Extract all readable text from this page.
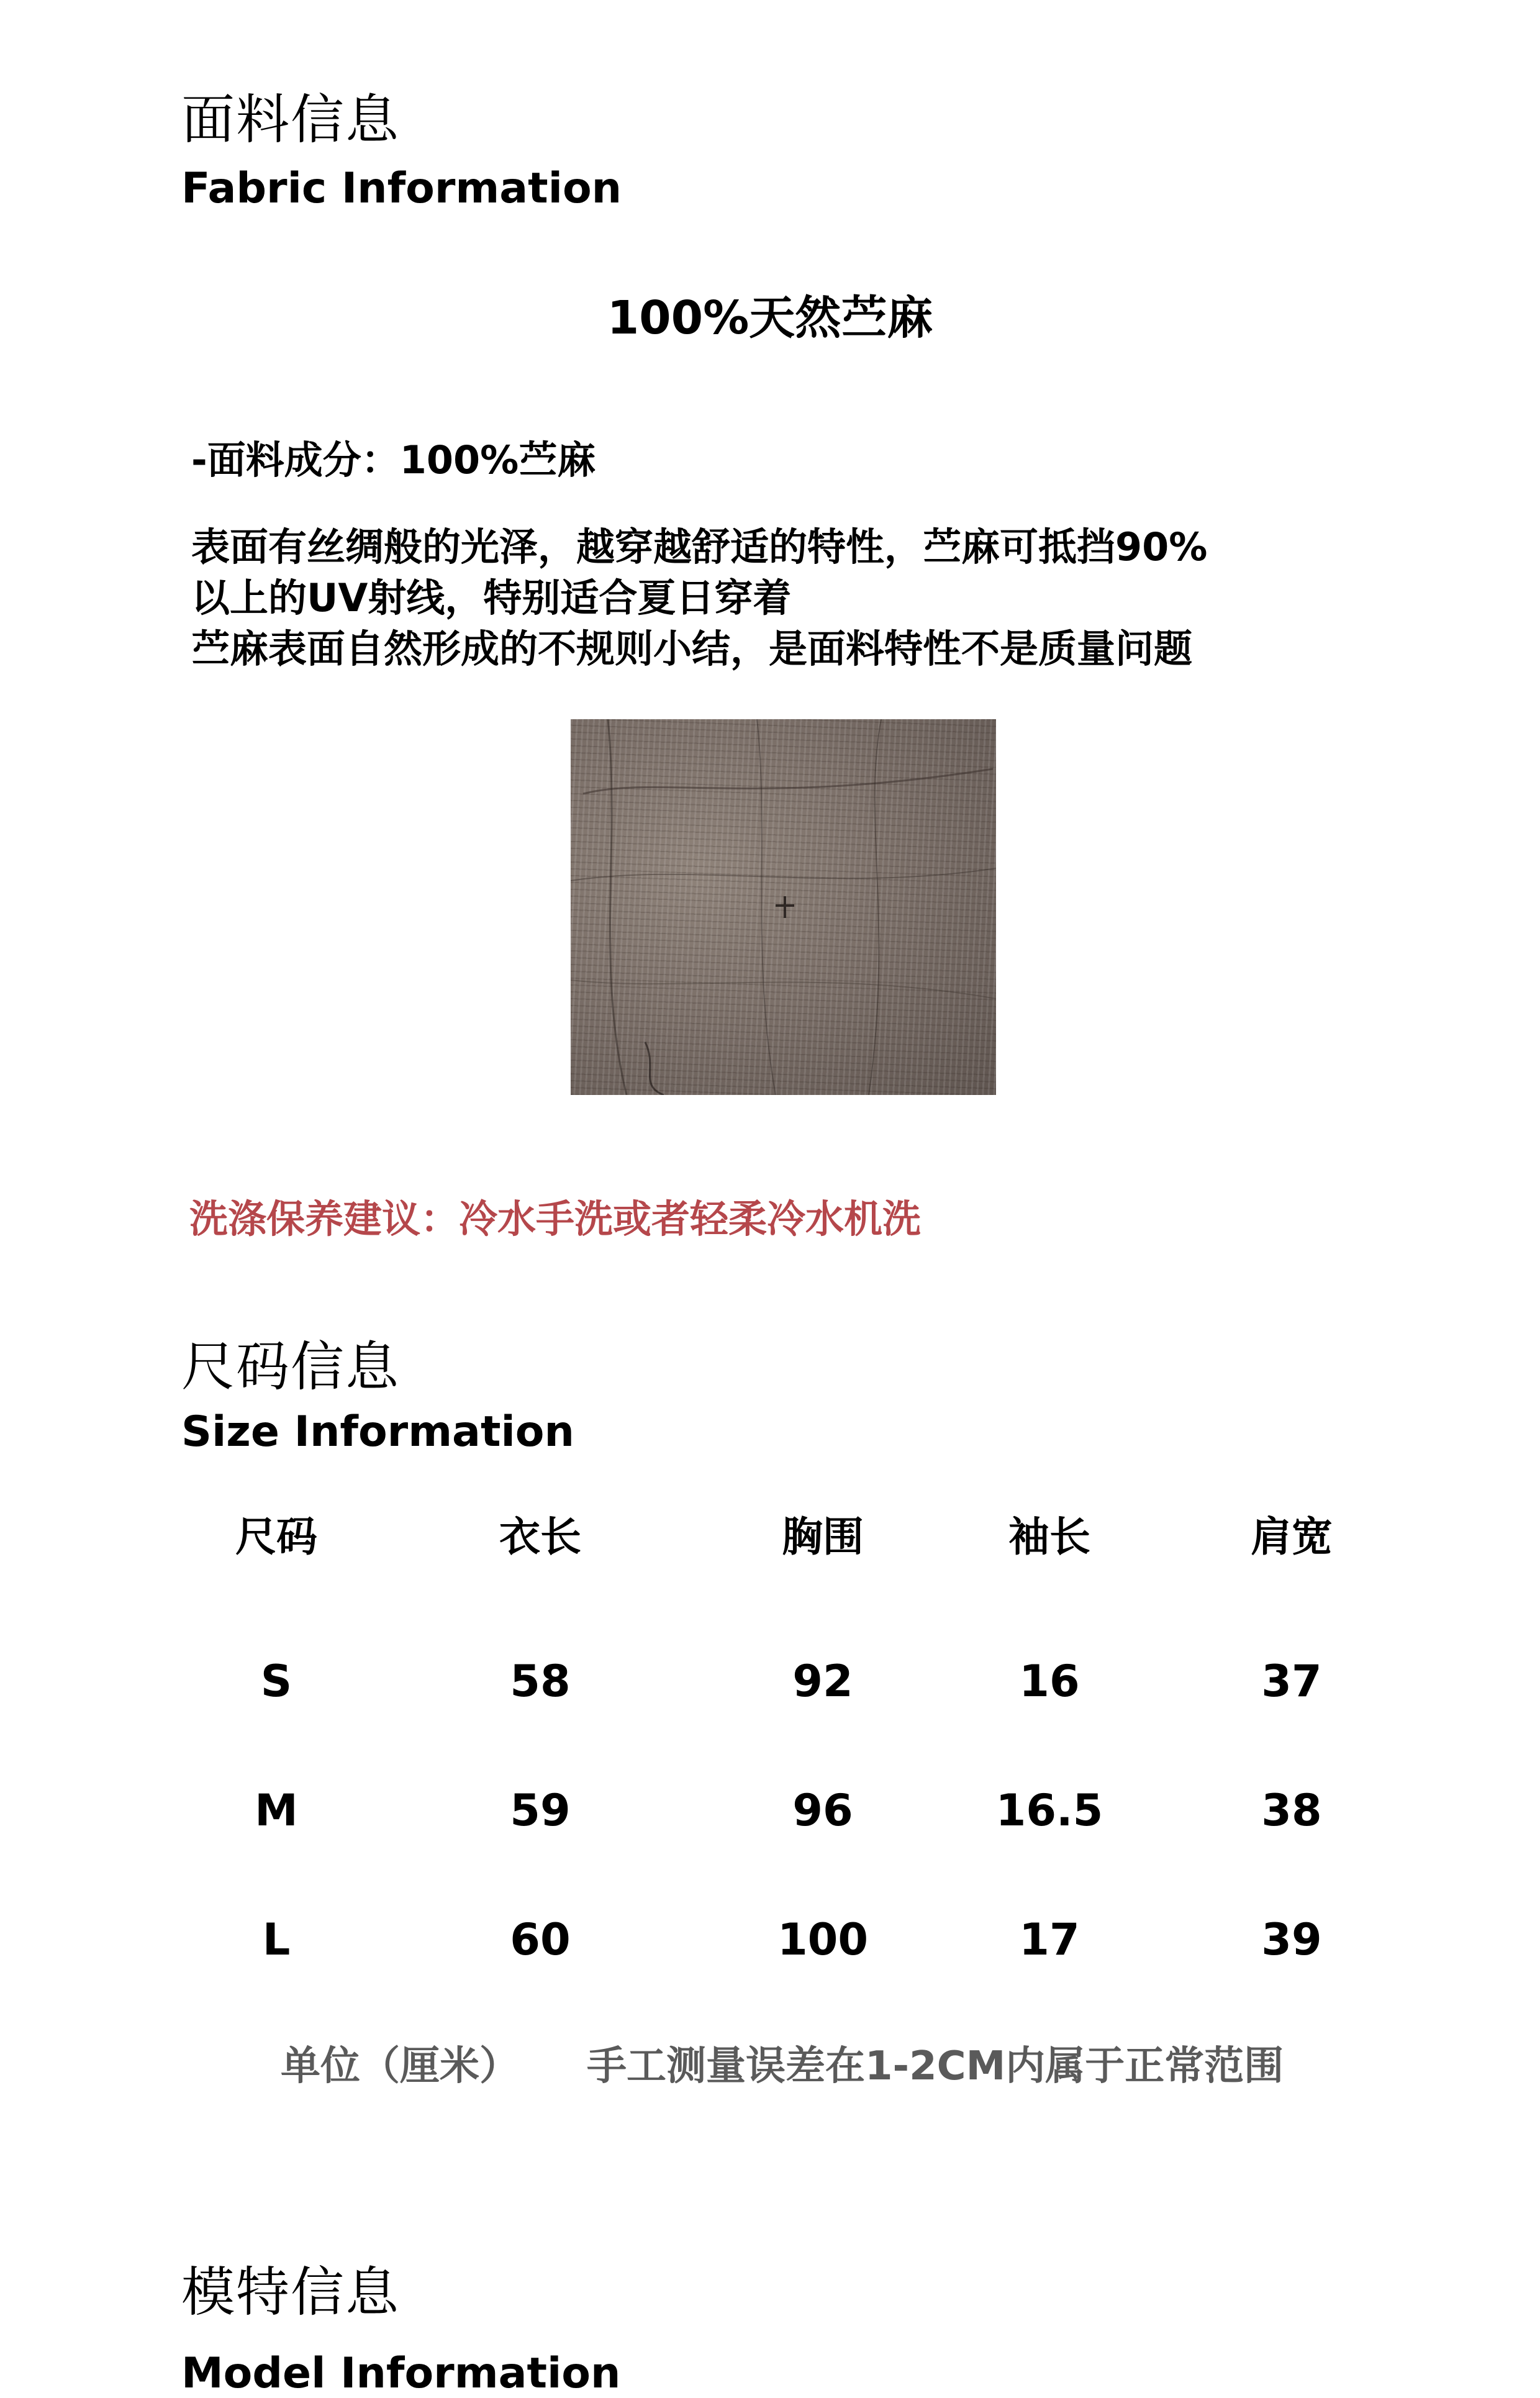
面料信息
Fabric Information
100%天然苎麻
-面料成分：100%苎麻
表面有丝绸般的光泽，越穿越舒适的特性，苎麻可抵挡90%
以上的UV射线，特别适合夏日穿着
苎麻表面自然形成的不规则小结，是面料特性不是质量问题
洗涤保养建议：冷水手洗或者轻柔冷水机洗
尺码信息
Size Information
尺码	衣长	胸围	袖长	肩宽
S	58	92	16	37
M	59	96	16.5	38
L	60	100	17	39
单位（厘米） 手工测量误差在1-2CM内属于正常范围
模特信息
Model Information
